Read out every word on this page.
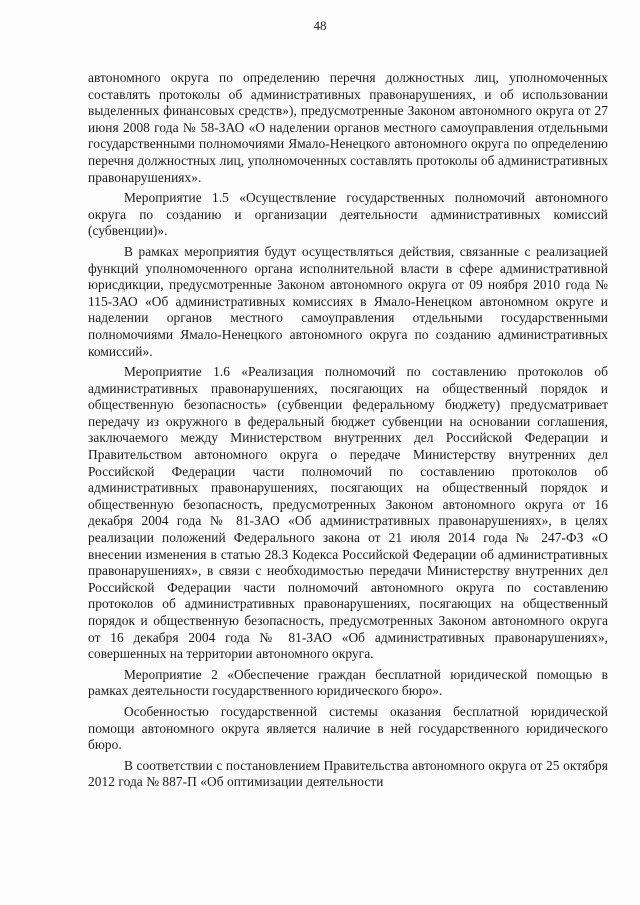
48

автономного округа по определению перечня должностных лиц, уполномоченных составлять протоколы об административных правонарушениях, и об использовании выделенных финансовых средств»), предусмотренные Законом автономного округа от 27 июня 2008 года № 58-ЗАО «О наделении органов местного самоуправления отдельными государственными полномочиями Ямало-Ненецкого автономного округа по определению перечня должностных лиц, уполномоченных составлять протоколы об административных правонарушениях».

Мероприятие 1.5 «Осуществление государственных полномочий автономного округа по созданию и организации деятельности административных комиссий (субвенции)».

В рамках мероприятия будут осуществляться действия, связанные с реализацией функций уполномоченного органа исполнительной власти в сфере административной юрисдикции, предусмотренные Законом автономного округа от 09 ноября 2010 года № 115-ЗАО «Об административных комиссиях в Ямало-Ненецком автономном округе и наделении органов местного самоуправления отдельными государственными полномочиями Ямало-Ненецкого автономного округа по созданию административных комиссий».

Мероприятие 1.6 «Реализация полномочий по составлению протоколов об административных правонарушениях, посягающих на общественный порядок и общественную безопасность» (субвенции федеральному бюджету) предусматривает передачу из окружного в федеральный бюджет субвенции на основании соглашения, заключаемого между Министерством внутренних дел Российской Федерации и Правительством автономного округа о передаче Министерству внутренних дел Российской Федерации части полномочий по составлению протоколов об административных правонарушениях, посягающих на общественный порядок и общественную безопасность, предусмотренных Законом автономного округа от 16 декабря 2004 года № 81-ЗАО «Об административных правонарушениях», в целях реализации положений Федерального закона от 21 июля 2014 года № 247-ФЗ «О внесении изменения в статью 28.3 Кодекса Российской Федерации об административных правонарушениях», в связи с необходимостью передачи Министерству внутренних дел Российской Федерации части полномочий автономного округа по составлению протоколов об административных правонарушениях, посягающих на общественный порядок и общественную безопасность, предусмотренных Законом автономного округа от 16 декабря 2004 года № 81-ЗАО «Об административных правонарушениях», совершенных на территории автономного округа.

Мероприятие 2 «Обеспечение граждан бесплатной юридической помощью в рамках деятельности государственного юридического бюро».

Особенностью государственной системы оказания бесплатной юридической помощи автономного округа является наличие в ней государственного юридического бюро.

В соответствии с постановлением Правительства автономного округа от 25 октября 2012 года № 887-П «Об оптимизации деятельности
